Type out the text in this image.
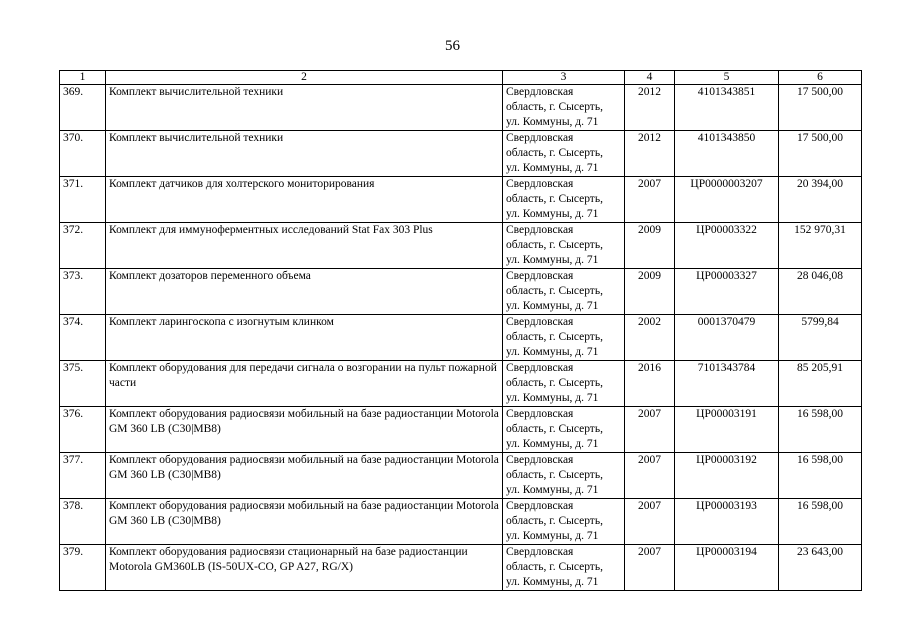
56
1	2	3	4	5	6
369.	Комплект вычислительной техники	Свердловская
область, г. Сысерть,
ул. Коммуны, д. 71	2012	4101343851	17 500,00
370.	Комплект вычислительной техники	Свердловская
область, г. Сысерть,
ул. Коммуны, д. 71	2012	4101343850	17 500,00
371.	Комплект датчиков для холтерского мониторирования	Свердловская
область, г. Сысерть,
ул. Коммуны, д. 71	2007	ЦР0000003207	20 394,00
372.	Комплект для иммуноферментных исследований Stat Fax 303 Plus	Свердловская
область, г. Сысерть,
ул. Коммуны, д. 71	2009	ЦР00003322	152 970,31
373.	Комплект дозаторов переменного объема	Свердловская
область, г. Сысерть,
ул. Коммуны, д. 71	2009	ЦР00003327	28 046,08
374.	Комплект ларингоскопа с изогнутым клинком	Свердловская
область, г. Сысерть,
ул. Коммуны, д. 71	2002	0001370479	5799,84
375.	Комплект оборудования для передачи сигнала о возгорании на пульт пожарной части	Свердловская
область, г. Сысерть,
ул. Коммуны, д. 71	2016	7101343784	85 205,91
376.	Комплект оборудования радиосвязи мобильный на базе радиостанции Motorola GM 360 LB (C30|MB8)	Свердловская
область, г. Сысерть,
ул. Коммуны, д. 71	2007	ЦР00003191	16 598,00
377.	Комплект оборудования радиосвязи мобильный на базе радиостанции Motorola GM 360 LB (C30|MB8)	Свердловская
область, г. Сысерть,
ул. Коммуны, д. 71	2007	ЦР00003192	16 598,00
378.	Комплект оборудования радиосвязи мобильный на базе радиостанции Motorola GM 360 LB (C30|MB8)	Свердловская
область, г. Сысерть,
ул. Коммуны, д. 71	2007	ЦР00003193	16 598,00
379.	Комплект оборудования радиосвязи стационарный на базе радиостанции Motorola GM360LB (IS-50UX-CO, GP A27, RG/X)	Свердловская
область, г. Сысерть,
ул. Коммуны, д. 71	2007	ЦР00003194	23 643,00
